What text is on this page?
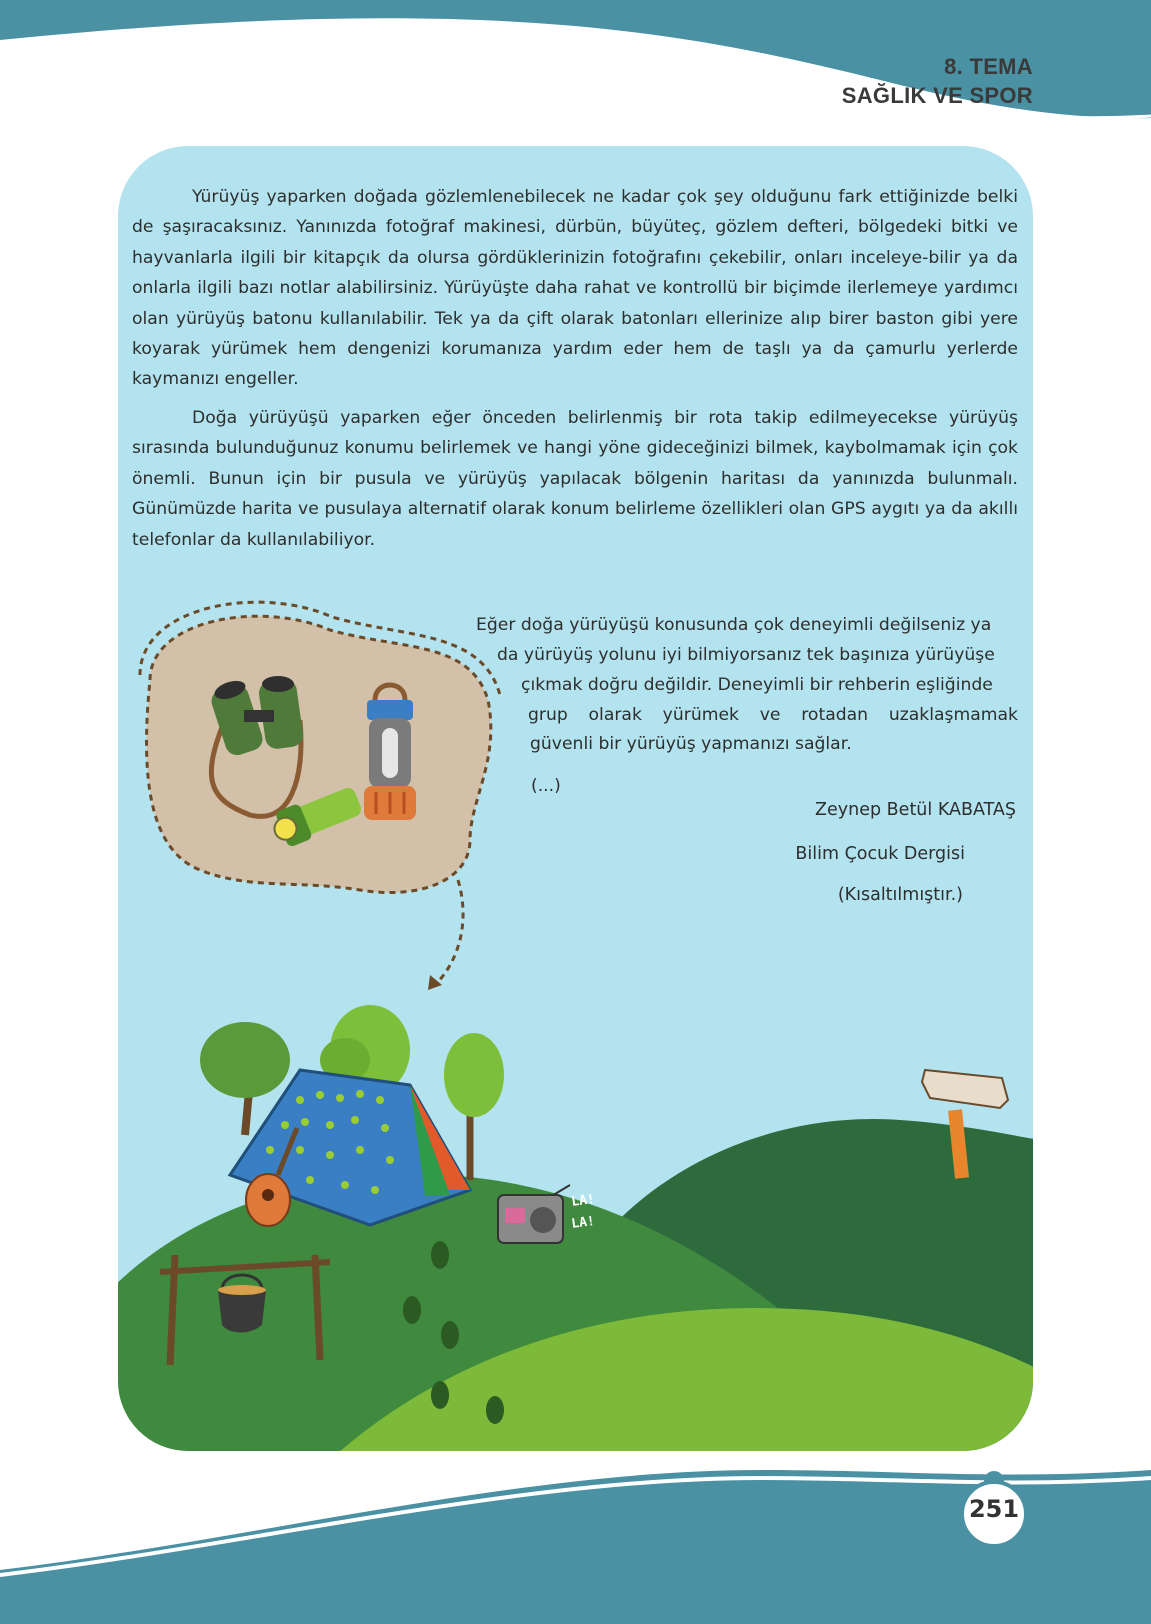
LA!
LA!
8. TEMA
SAĞLIK VE SPOR

Yürüyüş yaparken doğada gözlemlenebilecek ne kadar çok şey olduğunu fark ettiğinizde belki de şaşıracaksınız. Yanınızda fotoğraf makinesi, dürbün, büyüteç, gözlem defteri, bölgedeki bitki ve hayvanlarla ilgili bir kitapçık da olursa gördüklerinizin fotoğrafını çekebilir, onları inceleye-bilir ya da onlarla ilgili bazı notlar alabilirsiniz. Yürüyüşte daha rahat ve kontrollü bir biçimde ilerlemeye yardımcı olan yürüyüş batonu kullanılabilir. Tek ya da çift olarak batonları ellerinize alıp birer baston gibi yere koyarak yürümek hem dengenizi korumanıza yardım eder hem de taşlı ya da çamurlu yerlerde kaymanızı engeller.

Doğa yürüyüşü yaparken eğer önceden belirlenmiş bir rota takip edilmeyecekse yürüyüş sırasında bulunduğunuz konumu belirlemek ve hangi yöne gideceğinizi bilmek, kaybolmamak için çok önemli. Bunun için bir pusula ve yürüyüş yapılacak bölgenin haritası da yanınızda bulunmalı. Günümüzde harita ve pusulaya alternatif olarak konum belirleme özellikleri olan GPS aygıtı ya da akıllı telefonlar da kullanılabiliyor.

Eğer doğa yürüyüşü konusunda çok deneyimli değilseniz ya
da yürüyüş yolunu iyi bilmiyorsanız tek başınıza yürüyüşe
çıkmak doğru değildir. Deneyimli bir rehberin eşliğinde
grup olarak yürümek ve rotadan uzaklaşmamak
güvenli bir yürüyüş yapmanızı sağlar.
(...)
Zeynep Betül KABATAŞ
Bilim Çocuk Dergisi
(Kısaltılmıştır.)
251
